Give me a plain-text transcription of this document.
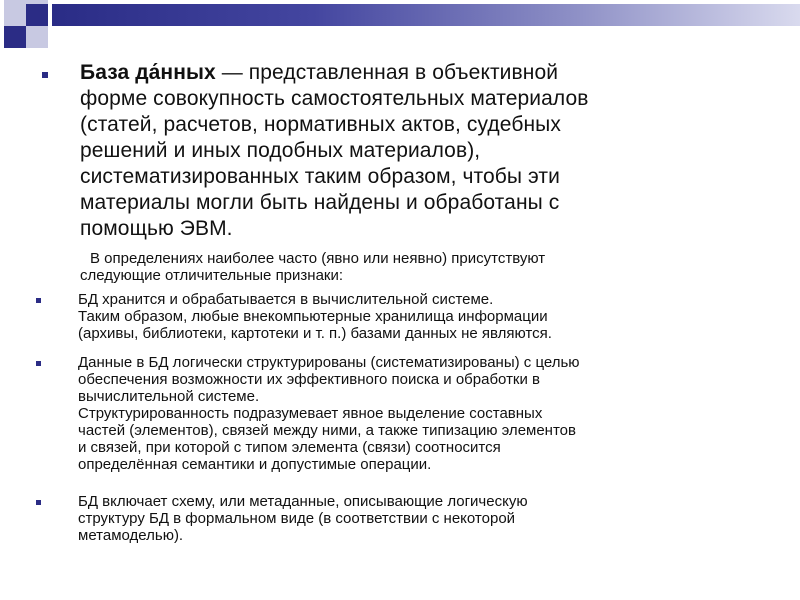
База да́нных — представленная в объективной
форме совокупность самостоятельных материалов
(статей, расчетов, нормативных актов, судебных
решений и иных подобных материалов),
систематизированных таким образом, чтобы эти
материалы могли быть найдены и обработаны с
помощью ЭВМ.
В определениях наиболее часто (явно или неявно) присутствуют
следующие отличительные признаки:
БД хранится и обрабатывается в вычислительной системе.
Таким образом, любые внекомпьютерные хранилища информации
(архивы, библиотеки, картотеки и т. п.) базами данных не являются.
Данные в БД логически структурированы (систематизированы) с целью
обеспечения возможности их эффективного поиска и обработки в
вычислительной системе.
Структурированность подразумевает явное выделение составных
частей (элементов), связей между ними, а также типизацию элементов
и связей, при которой с типом элемента (связи) соотносится
определённая семантики и допустимые операции.
БД включает схему, или метаданные, описывающие логическую
структуру БД в формальном виде (в соответствии с некоторой
метамоделью).
